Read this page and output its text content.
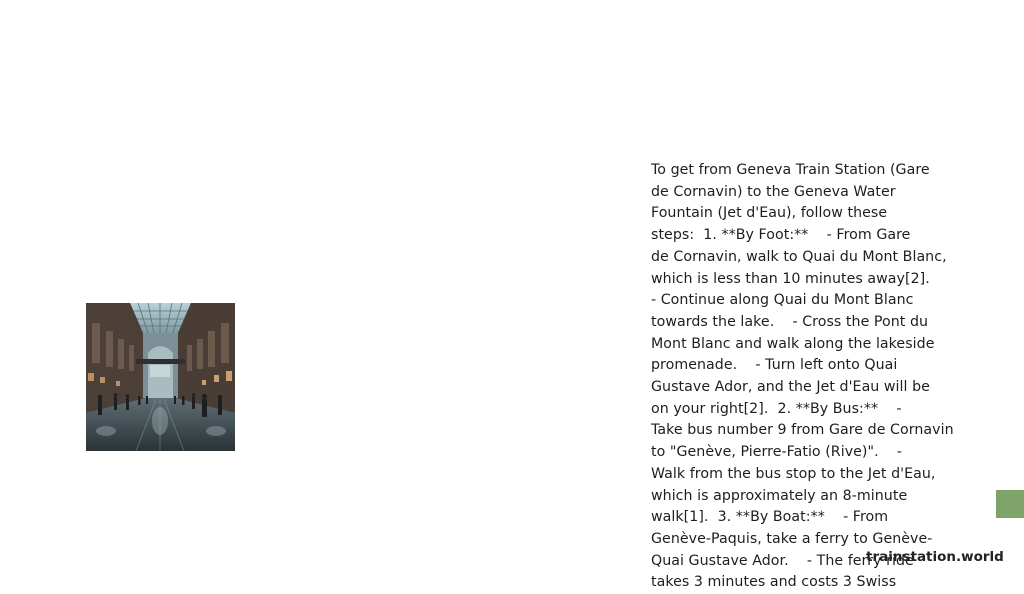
To get from Geneva Train Station (Gare
de Cornavin) to the Geneva Water
Fountain (Jet d'Eau), follow these
steps:  1. **By Foot:**    - From Gare
de Cornavin, walk to Quai du Mont Blanc,
which is less than 10 minutes away[2].
- Continue along Quai du Mont Blanc
towards the lake.    - Cross the Pont du
Mont Blanc and walk along the lakeside
promenade.    - Turn left onto Quai
Gustave Ador, and the Jet d'Eau will be
on your right[2].  2. **By Bus:**    -
Take bus number 9 from Gare de Cornavin
to "Genève, Pierre-Fatio (Rive)".    -
Walk from the bus stop to the Jet d'Eau,
which is approximately an 8-minute
walk[1].  3. **By Boat:**    - From
Genève-Paquis, take a ferry to Genève-
Quai Gustave Ador.    - The ferry ride
takes 3 minutes and costs 3 Swiss
trainstation.world
